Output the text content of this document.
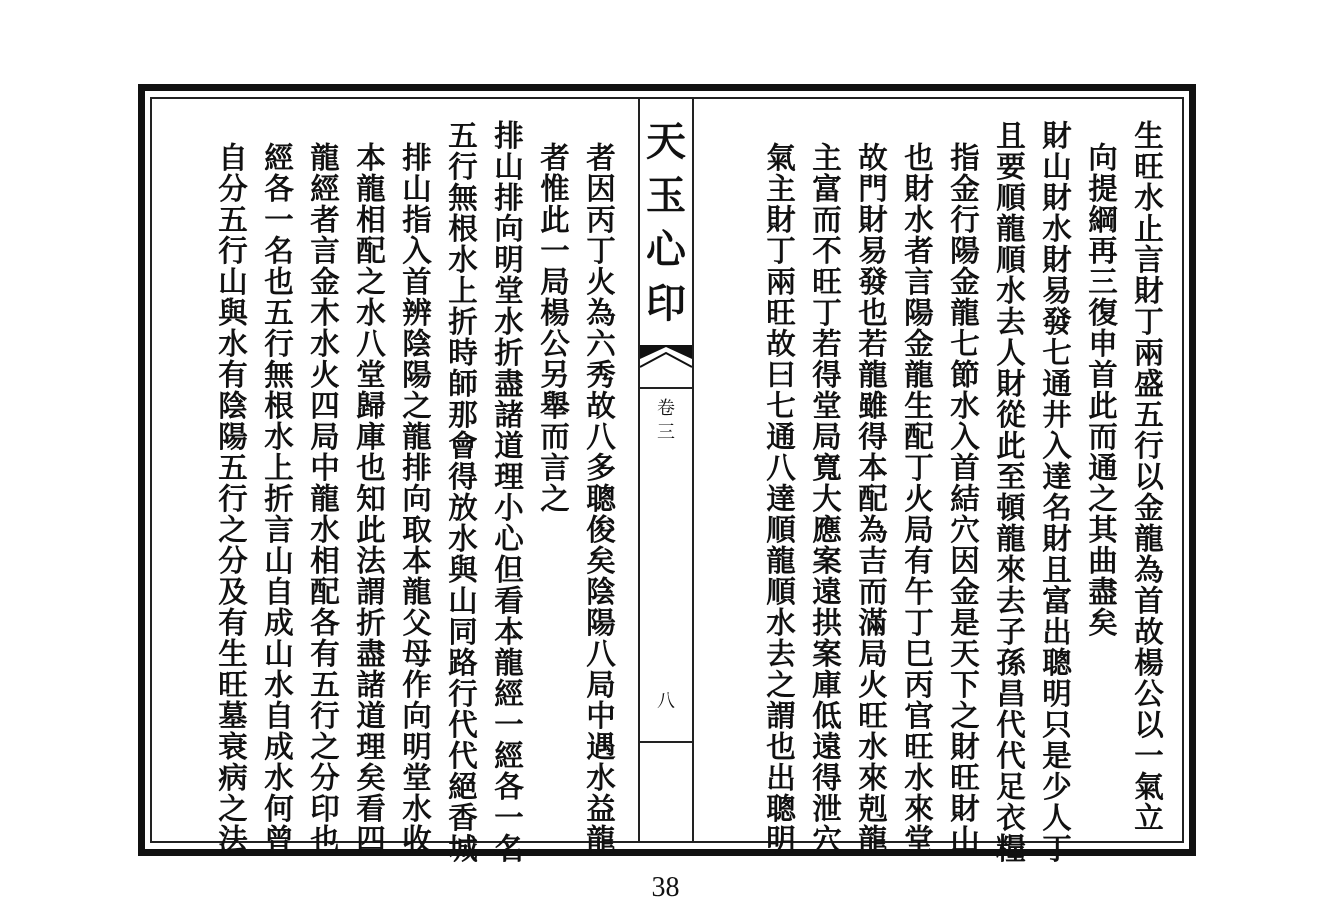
天
玉
心
印
卷
三
八	生旺水止言財丁兩盛五行以金龍為首故楊公以一氣立
向提綱再三復申首此而通之其曲盡矣
財山財水財易發七通井入達名財且富出聰明只是少人丁
且要順龍順水去人財從此至頓龍來去子孫昌代代足衣糧
指金行陽金龍七節水入首結穴因金是天下之財旺財山
也財水者言陽金龍生配丁火局有午丁巳丙官旺水來堂
故門財易發也若龍雖得本配為吉而滿局火旺水來剋龍
主富而不旺丁若得堂局寬大應案遠拱案庫低遠得泄穴
氣主財丁兩旺故曰七通八達順龍順水去之謂也出聰明
者因丙丁火為六秀故八多聰俊矣陰陽八局中遇水益龍
者惟此一局楊公另舉而言之
排山排向明堂水折盡諸道理小心但看本龍經一經各一名
五行無根水上折時師那會得放水與山同路行代代絕香城
排山指入首辨陰陽之龍排向取本龍父母作向明堂水收
本龍相配之水八堂歸庫也知此法謂折盡諸道理矣看四
龍經者言金木水火四局中龍水相配各有五行之分印也
經各一名也五行無根水上折言山自成山水自成水何曾
自分五行山與水有陰陽五行之分及有生旺墓衰病之法
38
